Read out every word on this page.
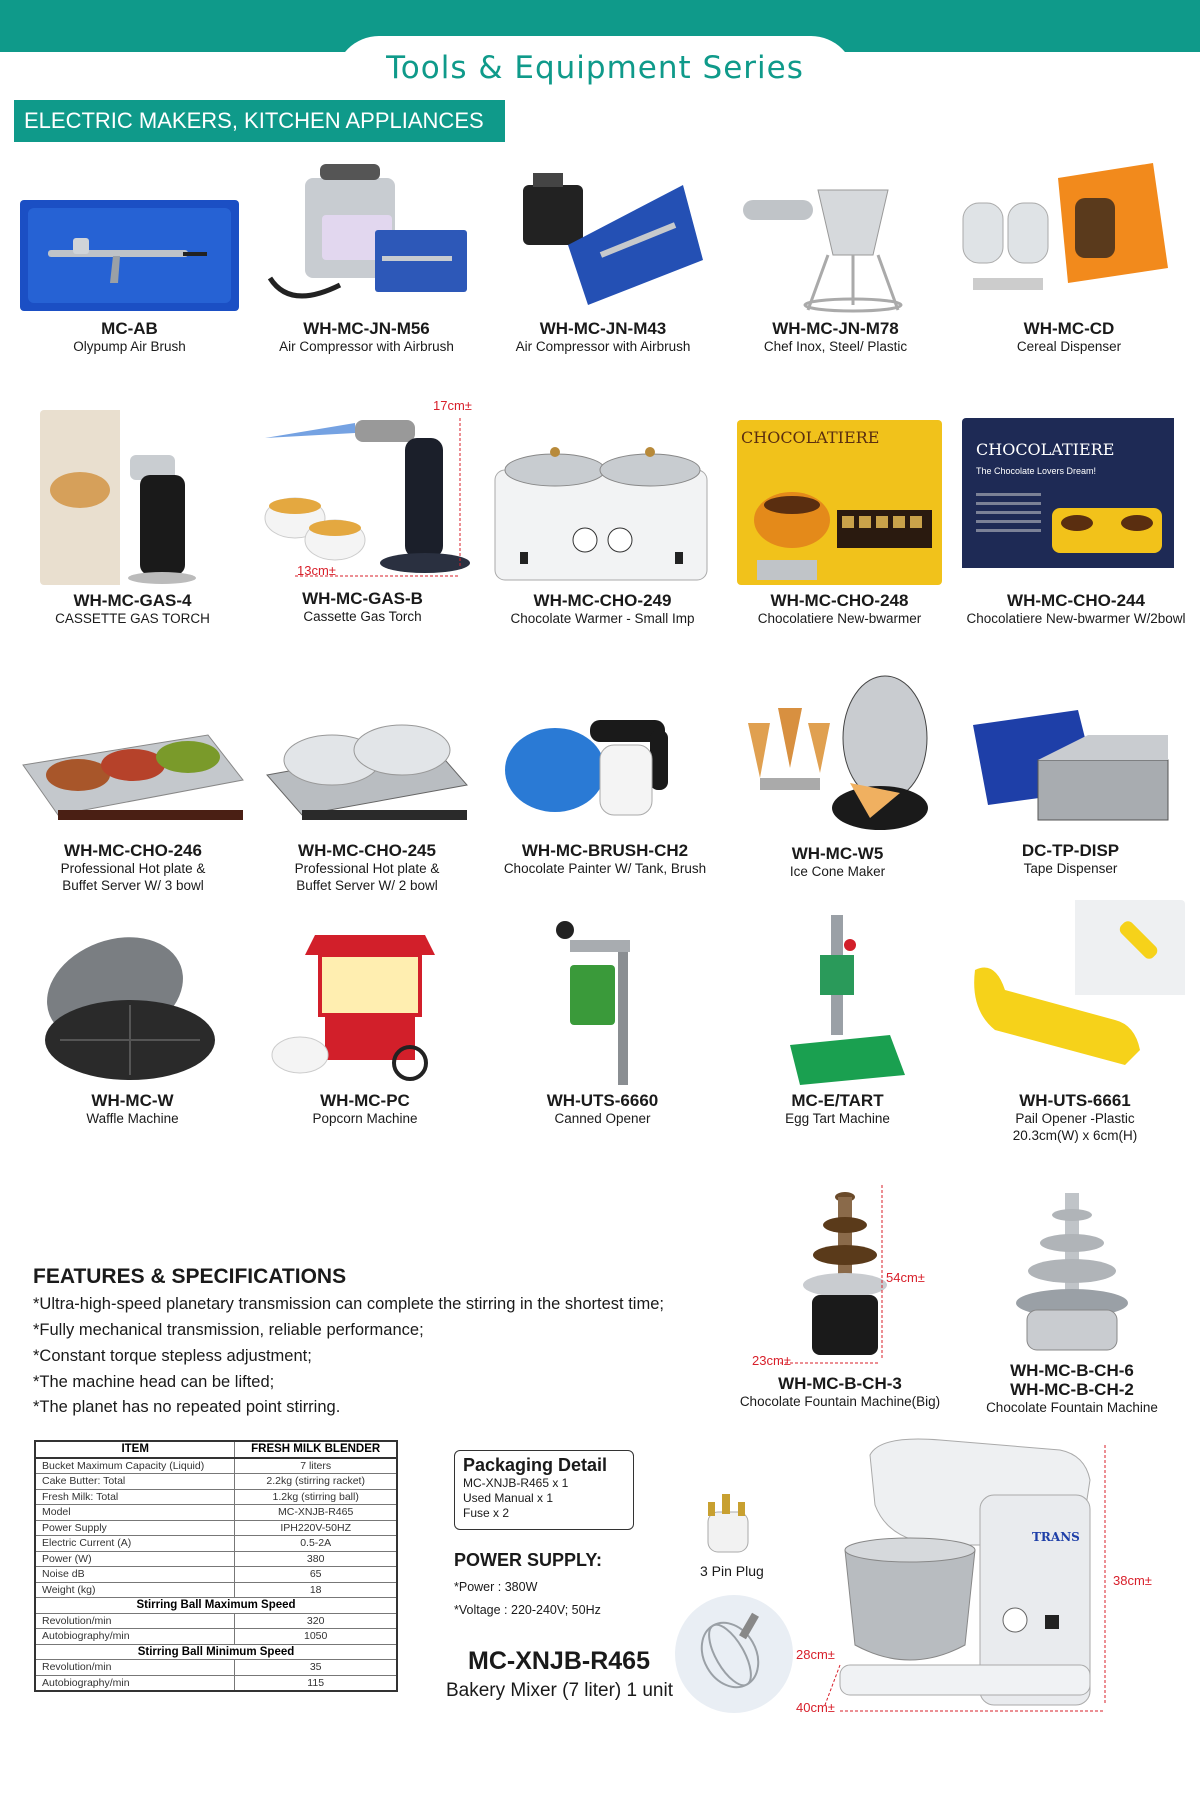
Tools & Equipment Series
ELECTRIC MAKERS, KITCHEN APPLIANCES
MC-AB
Olypump Air Brush
WH-MC-JN-M56
Air Compressor with Airbrush
WH-MC-JN-M43
Air Compressor with Airbrush
WH-MC-JN-M78
Chef Inox, Steel/ Plastic
WH-MC-CD
Cereal Dispenser
WH-MC-GAS-4
CASSETTE GAS TORCH
17cm±
13cm±
WH-MC-GAS-B
Cassette Gas Torch
WH-MC-CHO-249
Chocolate Warmer - Small Imp
CHOCOLATIERE
WH-MC-CHO-248
Chocolatiere New-bwarmer
CHOCOLATIERE
The Chocolate Lovers Dream!
WH-MC-CHO-244
Chocolatiere New-bwarmer W/2bowl
WH-MC-CHO-246
Professional Hot plate &
Buffet Server W/ 3 bowl
WH-MC-CHO-245
Professional Hot plate &
Buffet Server W/ 2 bowl
WH-MC-BRUSH-CH2
Chocolate Painter W/ Tank, Brush
WH-MC-W5
Ice Cone Maker
DC-TP-DISP
Tape Dispenser
WH-MC-W
Waffle Machine
WH-MC-PC
Popcorn Machine
WH-UTS-6660
Canned Opener
MC-E/TART
Egg Tart Machine
WH-UTS-6661
Pail Opener -Plastic
20.3cm(W) x 6cm(H)
54cm±
23cm±
WH-MC-B-CH-3
Chocolate Fountain Machine(Big)
WH-MC-B-CH-6
WH-MC-B-CH-2
Chocolate Fountain Machine
FEATURES & SPECIFICATIONS
*Ultra-high-speed planetary transmission can complete the stirring in the shortest time;
*Fully mechanical transmission, reliable performance;
*Constant torque stepless adjustment;
*The machine head can be lifted;
*The planet has no repeated point stirring.
ITEM	FRESH MILK BLENDER
Bucket Maximum Capacity (Liquid)	7 liters
Cake Butter: Total	2.2kg (stirring racket)
Fresh Milk: Total	1.2kg (stirring ball)
Model	MC-XNJB-R465
Power Supply	IPH220V-50HZ
Electric Current (A)	0.5-2A
Power (W)	380
Noise dB	65
Weight (kg)	18
Stirring Ball Maximum Speed	
Revolution/min	320
Autobiography/min	1050
Stirring Ball Minimum Speed	
Revolution/min	35
Autobiography/min	115
Packaging Detail
MC-XNJB-R465 x 1
Used Manual x 1
Fuse x 2
POWER SUPPLY:
*Power : 380W
*Voltage : 220-240V; 50Hz
MC-XNJB-R465
Bakery Mixer (7 liter) 1 unit
3 Pin Plug
TRANS
38cm±
28cm±
40cm±
